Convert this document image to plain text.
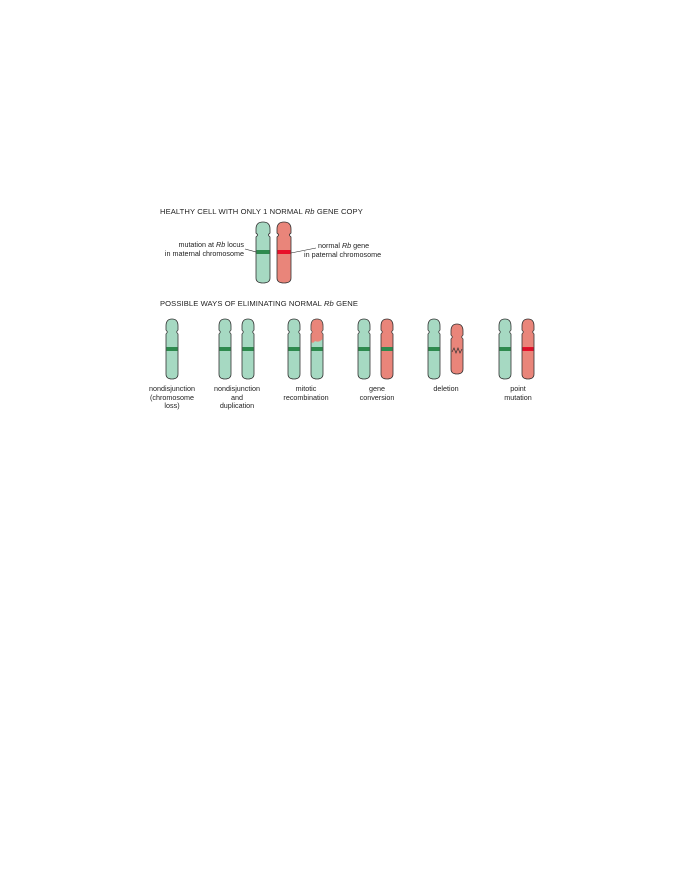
HEALTHY CELL WITH ONLY 1 NORMAL Rb GENE COPY
mutation at Rb locus
in maternal chromosome
normal Rb gene
in paternal chromosome
POSSIBLE WAYS OF ELIMINATING NORMAL Rb GENE
nondisjunction
(chromosome
loss)
nondisjunction
and
duplication
mitotic
recombination
gene
conversion
deletion	point
mutation
